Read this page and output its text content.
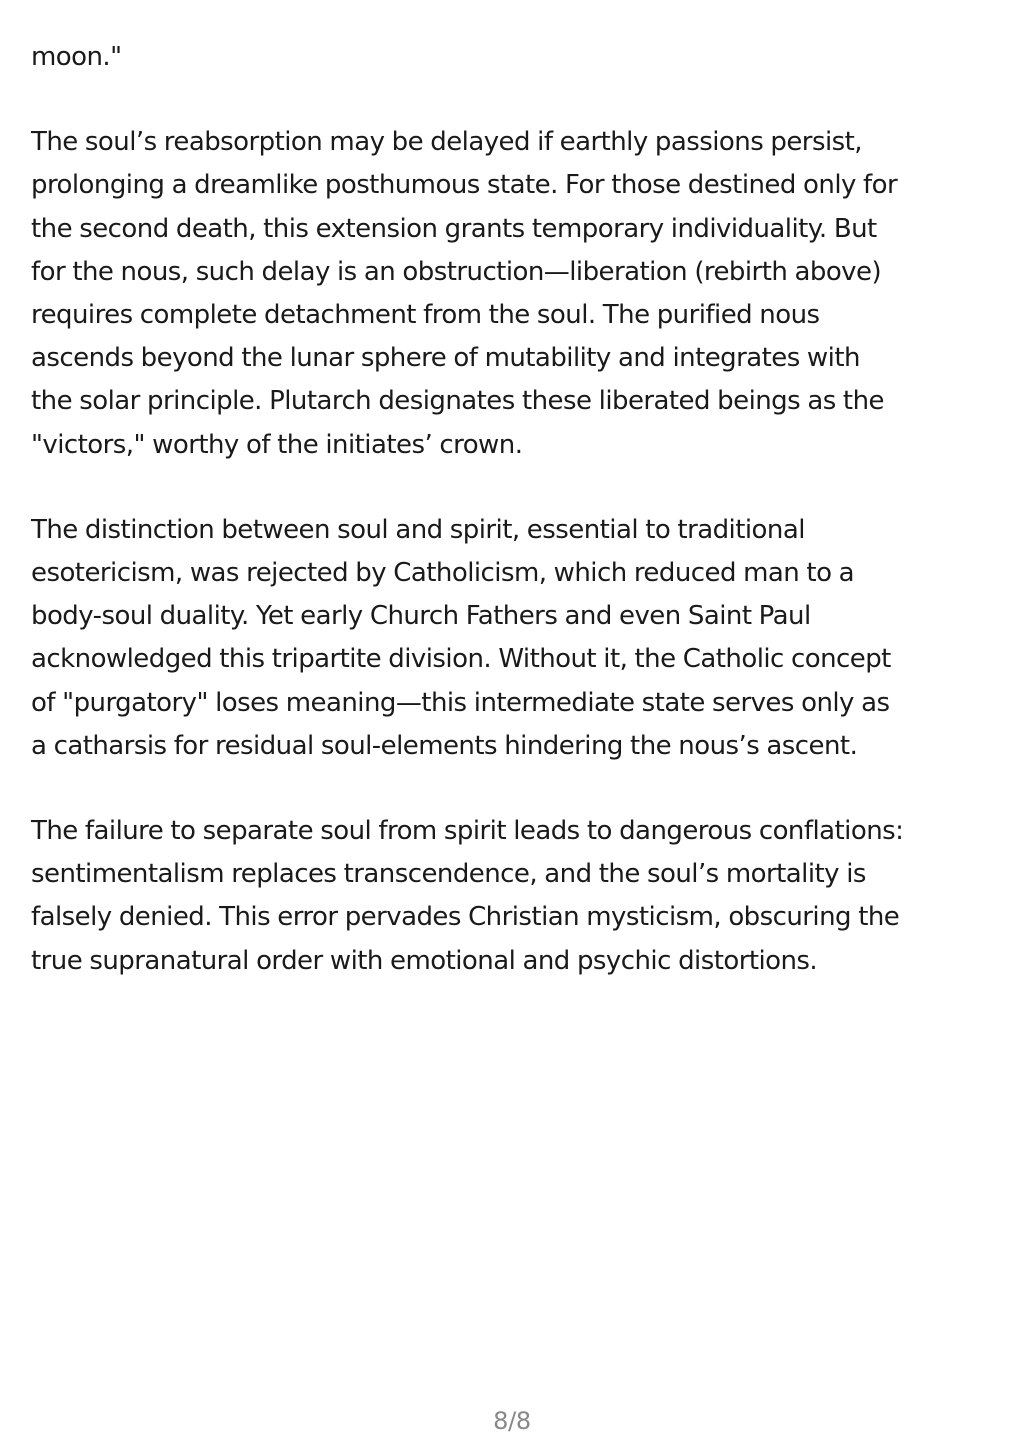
moon."

The soul’s reabsorption may be delayed if earthly passions persist,
prolonging a dreamlike posthumous state. For those destined only for
the second death, this extension grants temporary individuality. But
for the nous, such delay is an obstruction—liberation (rebirth above)
requires complete detachment from the soul. The purified nous
ascends beyond the lunar sphere of mutability and integrates with
the solar principle. Plutarch designates these liberated beings as the
"victors," worthy of the initiates’ crown.

The distinction between soul and spirit, essential to traditional
esotericism, was rejected by Catholicism, which reduced man to a
body-soul duality. Yet early Church Fathers and even Saint Paul
acknowledged this tripartite division. Without it, the Catholic concept
of "purgatory" loses meaning—this intermediate state serves only as
a catharsis for residual soul-elements hindering the nous’s ascent.

The failure to separate soul from spirit leads to dangerous conflations:
sentimentalism replaces transcendence, and the soul’s mortality is
falsely denied. This error pervades Christian mysticism, obscuring the
true supranatural order with emotional and psychic distortions.

8/8
